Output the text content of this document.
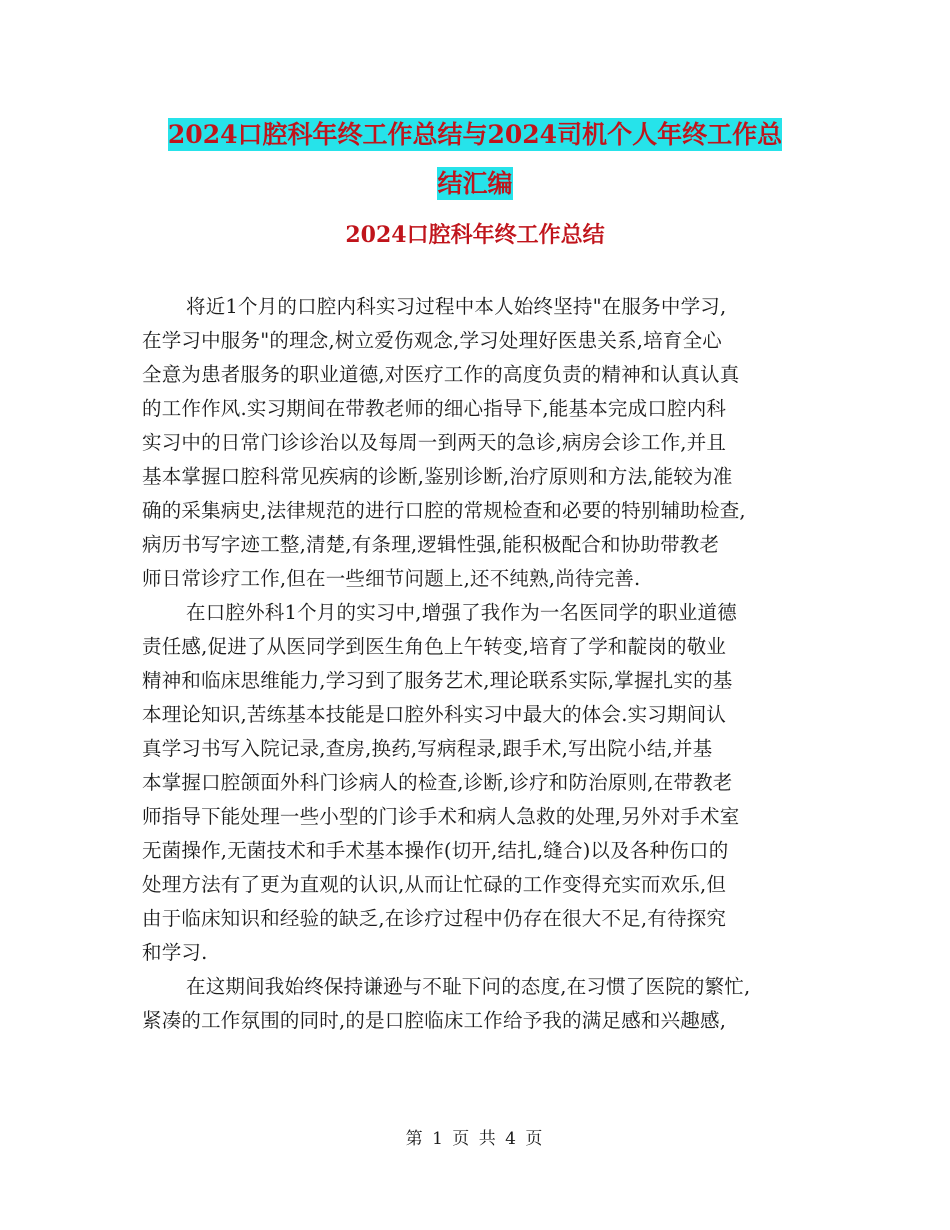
2024口腔科年终工作总结与2024司机个人年终工作总
结汇编
2024口腔科年终工作总结
将近1个月的口腔内科实习过程中本人始终坚持"在服务中学习,
在学习中服务"的理念,树立爱伤观念,学习处理好医患关系,培育全心
全意为患者服务的职业道德,对医疗工作的高度负责的精神和认真认真
的工作作风.实习期间在带教老师的细心指导下,能基本完成口腔内科
实习中的日常门诊诊治以及每周一到两天的急诊,病房会诊工作,并且
基本掌握口腔科常见疾病的诊断,鉴别诊断,治疗原则和方法,能较为准
确的采集病史,法律规范的进行口腔的常规检查和必要的特别辅助检查,
病历书写字迹工整,清楚,有条理,逻辑性强,能积极配合和协助带教老
师日常诊疗工作,但在一些细节问题上,还不纯熟,尚待完善.
在口腔外科1个月的实习中,增强了我作为一名医同学的职业道德
责任感,促进了从医同学到医生角色上午转变,培育了学和靛岗的敬业
精神和临床思维能力,学习到了服务艺术,理论联系实际,掌握扎实的基
本理论知识,苦练基本技能是口腔外科实习中最大的体会.实习期间认
真学习书写入院记录,查房,换药,写病程录,跟手术,写出院小结,并基
本掌握口腔颌面外科门诊病人的检查,诊断,诊疗和防治原则,在带教老
师指导下能处理一些小型的门诊手术和病人急救的处理,另外对手术室
无菌操作,无菌技术和手术基本操作(切开,结扎,缝合)以及各种伤口的
处理方法有了更为直观的认识,从而让忙碌的工作变得充实而欢乐,但
由于临床知识和经验的缺乏,在诊疗过程中仍存在很大不足,有待探究
和学习.
在这期间我始终保持谦逊与不耻下问的态度,在习惯了医院的繁忙,
紧凑的工作氛围的同时,的是口腔临床工作给予我的满足感和兴趣感,
第 1 页 共 4 页
